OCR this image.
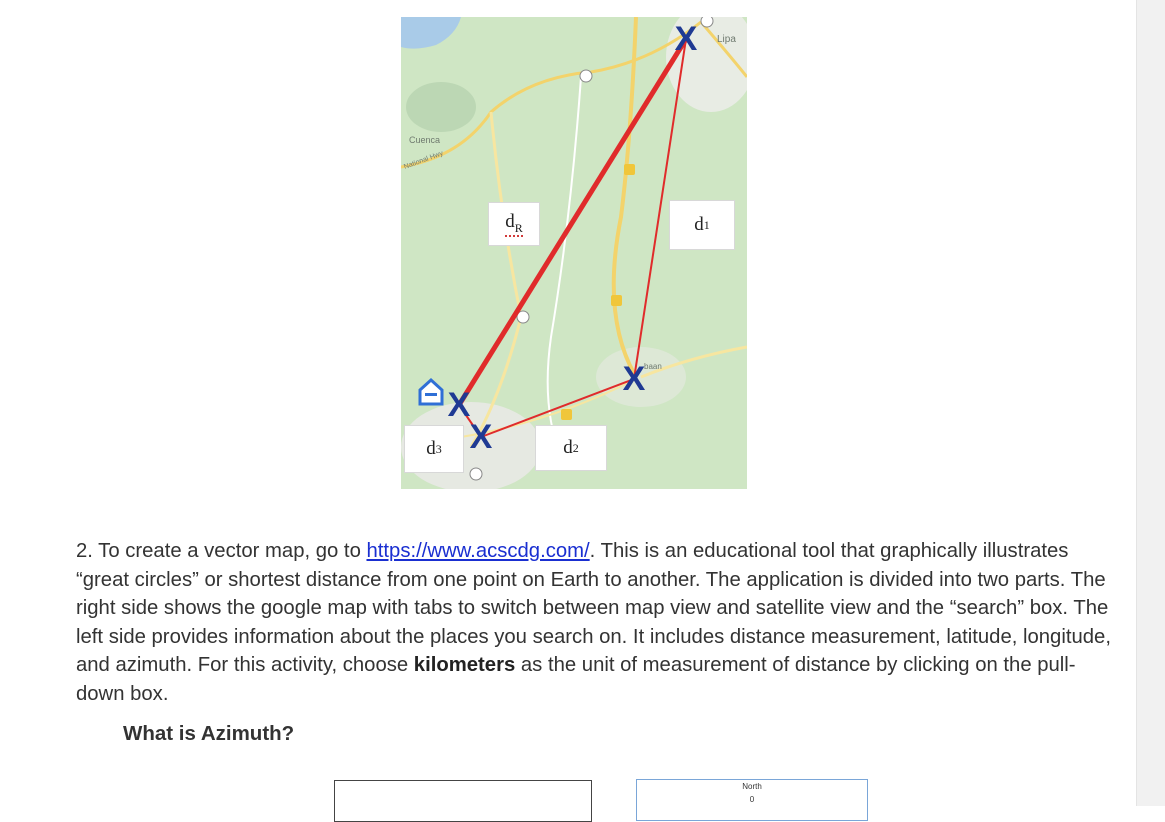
Lipa
Cuenca
National Hwy
baan
$d_R$	d 1
d 2
d 3
X
X
X
X
2. To create a vector map, go to https://www.acscdg.com/. This is an educational tool that graphically illustrates “great circles” or shortest distance from one point on Earth to another. The application is divided into two parts. The right side shows the google map with tabs to switch between map view and satellite view and the “search” box. The left side provides information about the places you search on. It includes distance measurement, latitude, longitude, and azimuth. For this activity, choose kilometers as the unit of measurement of distance by clicking on the pull-down box.
What is Azimuth?
North
0
